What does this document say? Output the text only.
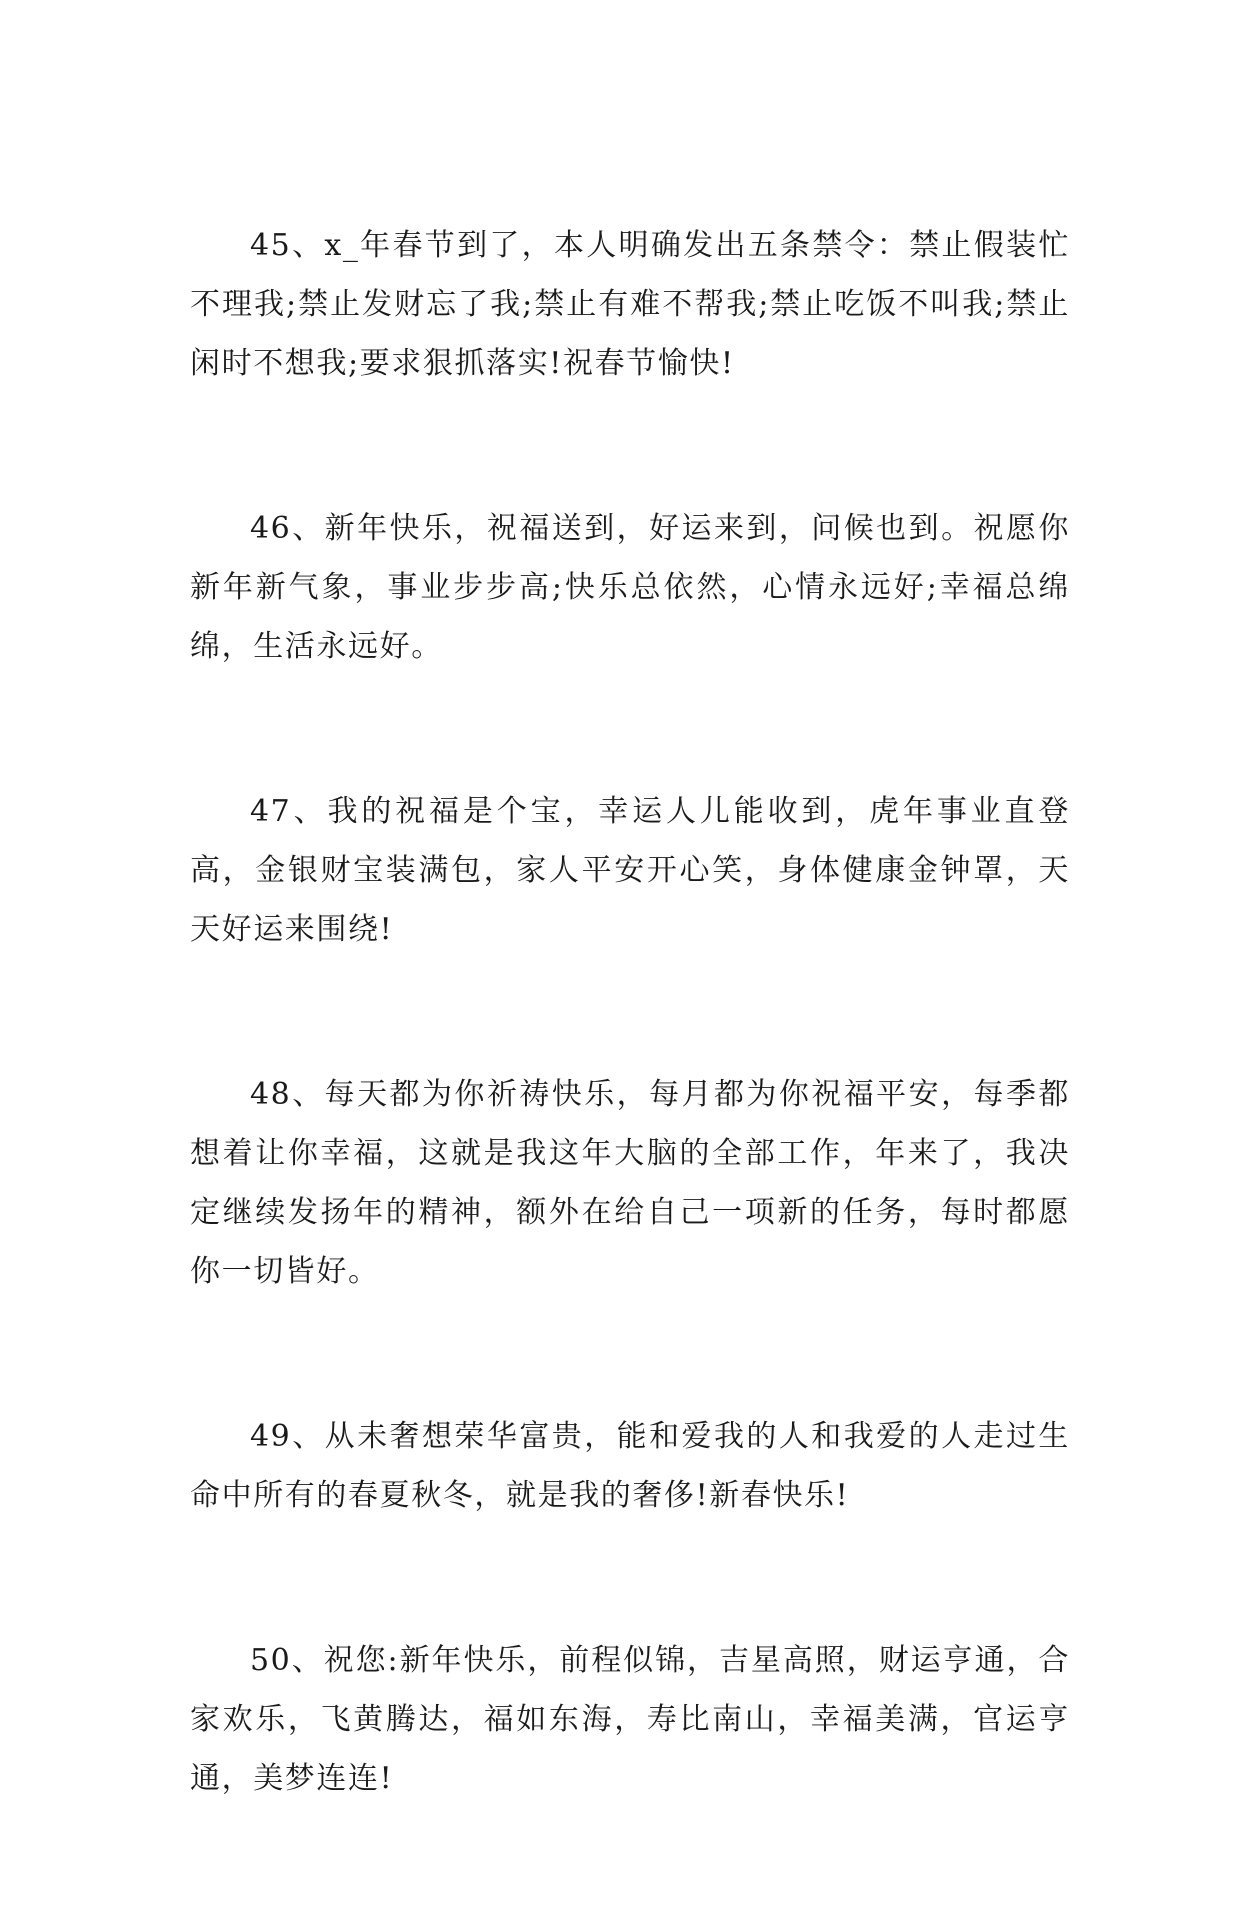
45、x_年春节到了，本人明确发出五条禁令：禁止假装忙不理我;禁止发财忘了我;禁止有难不帮我;禁止吃饭不叫我;禁止闲时不想我;要求狠抓落实!祝春节愉快!

46、新年快乐，祝福送到，好运来到，问候也到。祝愿你新年新气象，事业步步高;快乐总依然，心情永远好;幸福总绵绵，生活永远好。

47、我的祝福是个宝，幸运人儿能收到，虎年事业直登高，金银财宝装满包，家人平安开心笑，身体健康金钟罩，天天好运来围绕!

48、每天都为你祈祷快乐，每月都为你祝福平安，每季都想着让你幸福，这就是我这年大脑的全部工作，年来了，我决定继续发扬年的精神，额外在给自己一项新的任务，每时都愿你一切皆好。

49、从未奢想荣华富贵，能和爱我的人和我爱的人走过生命中所有的春夏秋冬，就是我的奢侈!新春快乐!

50、祝您:新年快乐，前程似锦，吉星高照，财运亨通，合家欢乐，飞黄腾达，福如东海，寿比南山，幸福美满，官运亨通，美梦连连!
